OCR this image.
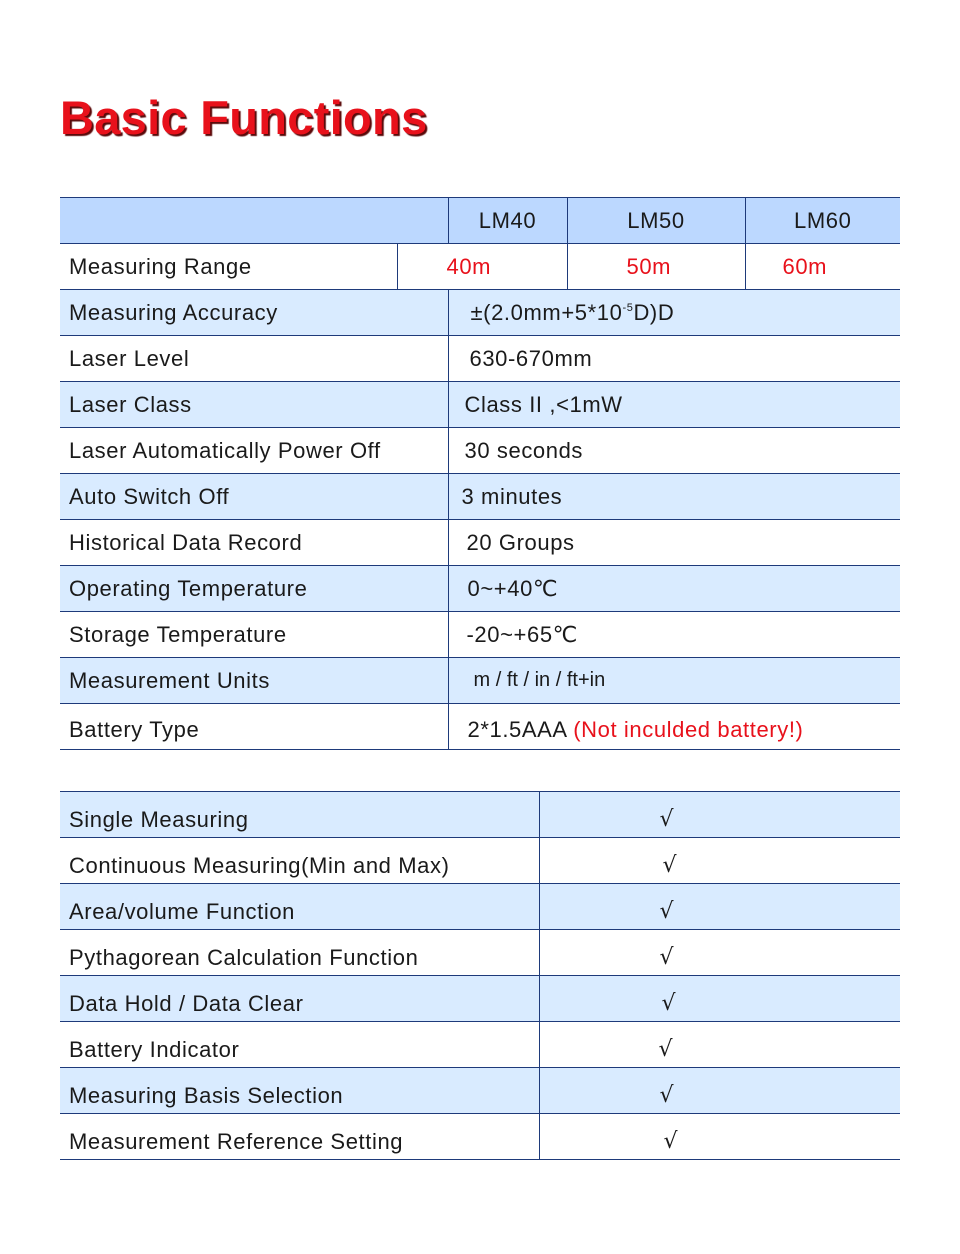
Basic Functions
		LM40	LM50	LM60
Measuring Range	40m		50m	60m
Measuring Accuracy		$\pm(2.0mm+5*10^{-5}D)D$		
Laser Level		630-670mm		
Laser Class		Class II ,<1mW		
Laser Automatically Power Off		30 seconds		
Auto Switch Off		3 minutes		
Historical Data Record		20 Groups		
Operating Temperature		0~+40℃		
Storage Temperature		-20~+65℃		
Measurement Units		m / ft / in / ft+in		
Battery Type		2*1.5AAA (Not inculded battery!)		
Single Measuring	√
Continuous Measuring(Min and Max)	√
Area/volume Function	√
Pythagorean Calculation Function	√
Data Hold / Data Clear	√
Battery Indicator	√
Measuring Basis Selection	√
Measurement Reference Setting	√
